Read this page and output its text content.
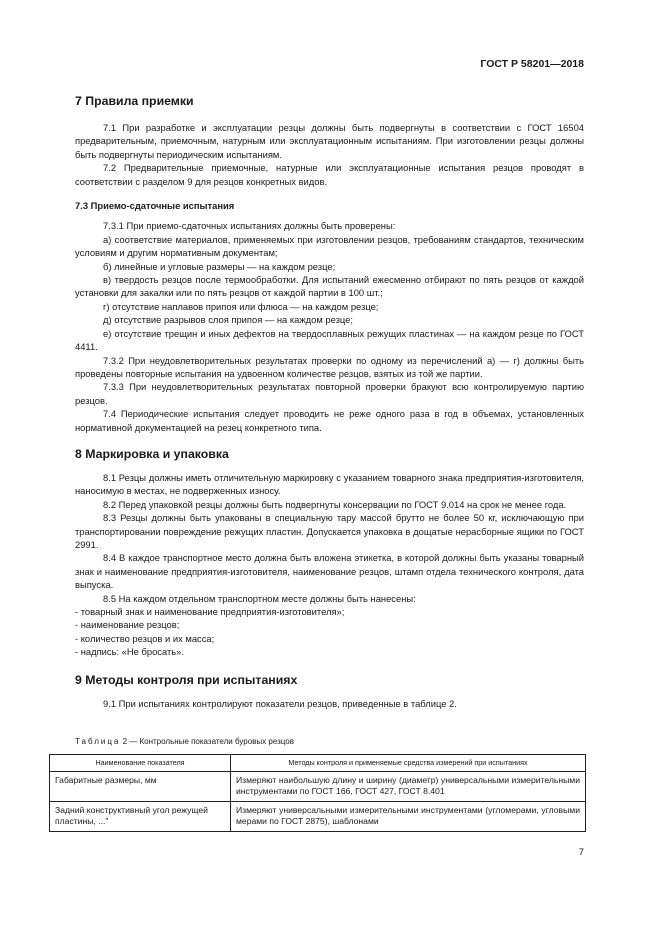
ГОСТ Р 58201—2018
7 Правила приемки

7.1 При разработке и эксплуатации резцы должны быть подвергнуты в соответствии с ГОСТ 16504 предварительным, приемочным, натурным или эксплуатационным испытаниям. При изготовлении резцы должны быть подвергнуты периодическим испытаниям.

7.2 Предварительные приемочные, натурные или эксплуатационные испытания резцов проводят в соответствии с разделом 9 для резцов конкретных видов.

7.3 Приемо-сдаточные испытания

7.3.1 При приемо-сдаточных испытаниях должны быть проверены:

а) соответствие материалов, применяемых при изготовлении резцов, требованиям стандартов, техническим условиям и другим нормативным документам;

б) линейные и угловые размеры — на каждом резце;

в) твердость резцов после термообработки. Для испытаний ежесменно отбирают по пять резцов от каждой установки для закалки или по пять резцов от каждой партии в 100 шт.;

г) отсутствие наплавов припоя или флюса — на каждом резце;

д) отсутствие разрывов слоя припоя — на каждом резце;

е) отсутствие трещин и иных дефектов на твердосплавных режущих пластинах — на каждом резце по ГОСТ 4411.

7.3.2 При неудовлетворительных результатах проверки по одному из перечислений а) — г) должны быть проведены повторные испытания на удвоенном количестве резцов, взятых из той же партии.

7.3.3 При неудовлетворительных результатах повторной проверки бракуют всю контролируемую партию резцов.

7.4 Периодические испытания следует проводить не реже одного раза в год в объемах, установленных нормативной документацией на резец конкретного типа.

8 Маркировка и упаковка

8.1 Резцы должны иметь отличительную маркировку с указанием товарного знака предприятия-изготовителя, наносимую в местах, не подверженных износу.

8.2 Перед упаковкой резцы должны быть подвергнуты консервации по ГОСТ 9.014 на срок не менее года.

8.3 Резцы должны быть упакованы в специальную тару массой брутто не более 50 кг, исключающую при транспортировании повреждение режущих пластин. Допускается упаковка в дощатые нерасборные ящики по ГОСТ 2991.

8.4 В каждое транспортное место должна быть вложена этикетка, в которой должны быть указаны товарный знак и наименование предприятия-изготовителя, наименование резцов, штамп отдела технического контроля, дата выпуска.

8.5 На каждом отдельном транспортном месте должны быть нанесены:

- товарный знак и наименование предприятия-изготовителя»;

- наименование резцов;

- количество резцов и их масса;

- надпись: «Не бросать».

9 Методы контроля при испытаниях

9.1 При испытаниях контролируют показатели резцов, приведенные в таблице 2.

Таблица 2 — Контрольные показатели буровых резцов
Наименование показателя	Методы контроля и применяемые средства измерений при испытаниях
Габаритные размеры, мм	Измеряют наибольшую длину и ширину (диаметр) универсальными измерительными инструментами по ГОСТ 166, ГОСТ 427, ГОСТ 8.401
Задний конструктивный угол режущей пластины, ..."	Измеряют универсальными измерительными инструментами (угломерами, угловыми мерами по ГОСТ 2875), шаблонами
7
